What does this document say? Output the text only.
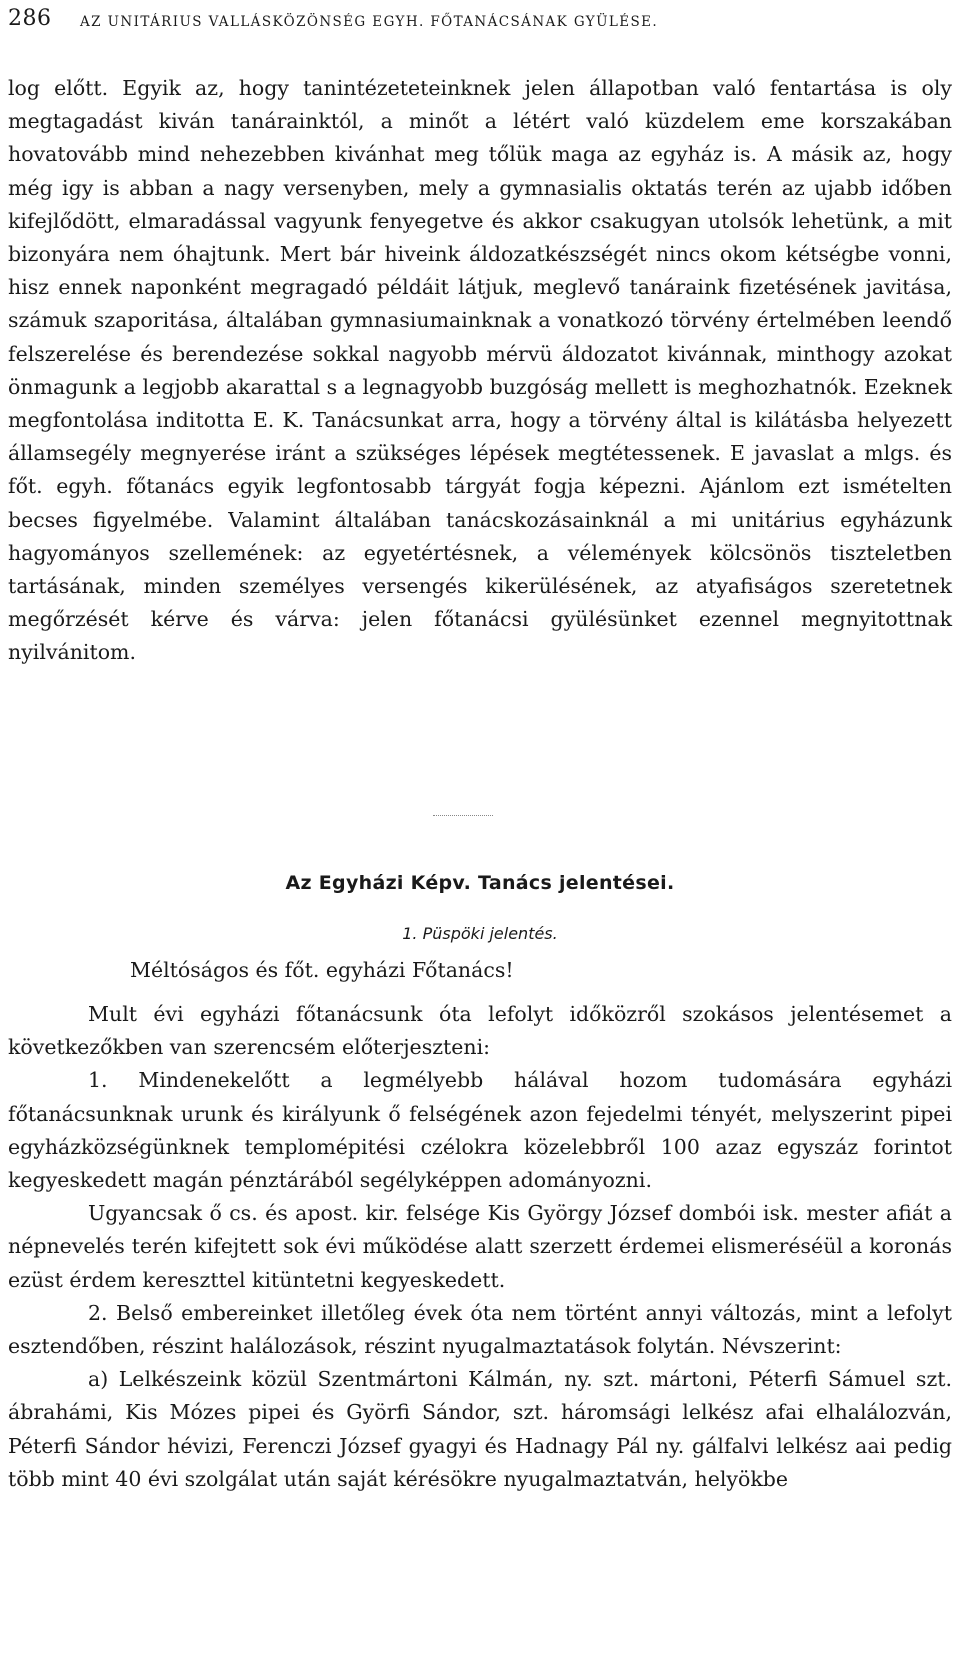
286 AZ UNITÁRIUS VALLÁSKÖZÖNSÉG EGYH. FŐTANÁCSÁNAK GYÜLÉSE.

log előtt. Egyik az, hogy tanintézeteteinknek jelen állapotban való fentartása is oly megtagadást kiván tanárainktól, a minőt a létért való küzdelem eme korszakában hovatovább mind nehezebben kivánhat meg tőlük maga az egyház is. A másik az, hogy még igy is abban a nagy versenyben, mely a gymnasialis oktatás terén az ujabb időben kifejlődött, elmaradással vagyunk fenyegetve és akkor csakugyan utolsók lehetünk, a mit bizonyára nem óhajtunk. Mert bár hiveink áldozatkészségét nincs okom kétségbe vonni, hisz ennek naponként megragadó példáit látjuk, meglevő tanáraink fizetésének javitása, számuk szaporitása, általában gymnasiumainknak a vonatkozó törvény értelmében leendő felszerelése és berendezése sokkal nagyobb mérvü áldozatot kivánnak, minthogy azokat önmagunk a legjobb akarattal s a legnagyobb buzgóság mellett is meghozhatnók. Ezeknek megfontolása inditotta E. K. Tanácsunkat arra, hogy a törvény által is kilátásba helyezett államsegély megnyerése iránt a szükséges lépések megtétessenek. E javaslat a mlgs. és főt. egyh. főtanács egyik legfontosabb tárgyát fogja képezni. Ajánlom ezt ismételten becses figyelmébe. Valamint általában tanácskozásainknál a mi unitárius egyházunk hagyományos szellemének: az egyetértésnek, a vélemények kölcsönös tiszteletben tartásának, minden személyes versengés kikerülésének, az atyafiságos szeretetnek megőrzését kérve és várva: jelen főtanácsi gyülésünket ezennel megnyitottnak nyilvánitom.

Az Egyházi Képv. Tanács jelentései.
1. Püspöki jelentés.
Méltóságos és főt. egyházi Főtanács!

Mult évi egyházi főtanácsunk óta lefolyt időközről szokásos jelentésemet a következőkben van szerencsém előterjeszteni:

1. Mindenekelőtt a legmélyebb hálával hozom tudomására egyházi főtanácsunknak urunk és királyunk ő felségének azon fejedelmi tényét, melyszerint pipei egyházközségünknek templomépitési czélokra közelebbről 100 azaz egyszáz forintot kegyeskedett magán pénztárából segélyképpen adományozni.

Ugyancsak ő cs. és apost. kir. felsége Kis György József dombói isk. mester afiát a népnevelés terén kifejtett sok évi működése alatt szerzett érdemei elismeréséül a koronás ezüst érdem kereszttel kitüntetni kegyeskedett.

2. Belső embereinket illetőleg évek óta nem történt annyi változás, mint a lefolyt esztendőben, részint halálozások, részint nyugalmaztatások folytán. Névszerint:

a) Lelkészeink közül Szentmártoni Kálmán, ny. szt. mártoni, Péterfi Sámuel szt. ábrahámi, Kis Mózes pipei és Györfi Sándor, szt. háromsági lelkész afai elhalálozván, Péterfi Sándor hévizi, Ferenczi József gyagyi és Hadnagy Pál ny. gálfalvi lelkész aai pedig több mint 40 évi szolgálat után saját kérésökre nyugalmaztatván, helyökbe
